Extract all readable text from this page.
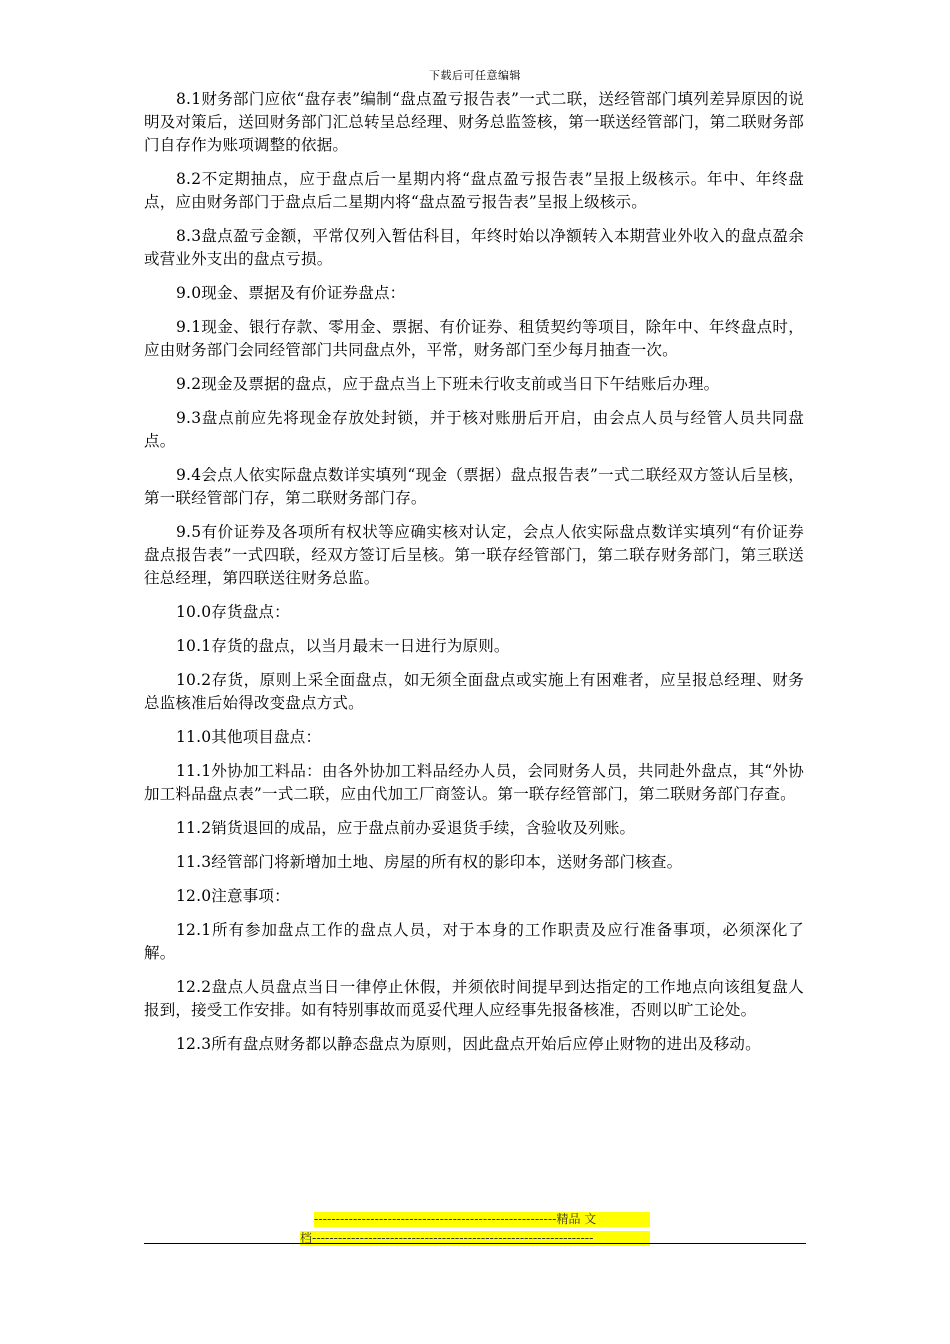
下载后可任意编辑

8.1财务部门应依“盘存表”编制“盘点盈亏报告表”一式二联，送经管部门填列差异原因的说明及对策后，送回财务部门汇总转呈总经理、财务总监签核，第一联送经管部门，第二联财务部门自存作为账项调整的依据。

8.2不定期抽点，应于盘点后一星期内将“盘点盈亏报告表”呈报上级核示。年中、年终盘点，应由财务部门于盘点后二星期内将“盘点盈亏报告表”呈报上级核示。

8.3盘点盈亏金额，平常仅列入暂估科目，年终时始以净额转入本期营业外收入的盘点盈余或营业外支出的盘点亏损。

9.0现金、票据及有价证券盘点：

9.1现金、银行存款、零用金、票据、有价证券、租赁契约等项目，除年中、年终盘点时，应由财务部门会同经管部门共同盘点外，平常，财务部门至少每月抽查一次。

9.2现金及票据的盘点，应于盘点当上下班未行收支前或当日下午结账后办理。

9.3盘点前应先将现金存放处封锁，并于核对账册后开启，由会点人员与经管人员共同盘点。

9.4会点人依实际盘点数详实填列“现金（票据）盘点报告表”一式二联经双方签认后呈核，第一联经管部门存，第二联财务部门存。

9.5有价证券及各项所有权状等应确实核对认定，会点人依实际盘点数详实填列“有价证券盘点报告表”一式四联，经双方签订后呈核。第一联存经管部门，第二联存财务部门，第三联送往总经理，第四联送往财务总监。

10.0存货盘点：

10.1存货的盘点，以当月最末一日进行为原则。

10.2存货，原则上采全面盘点，如无须全面盘点或实施上有困难者，应呈报总经理、财务总监核准后始得改变盘点方式。

11.0其他项目盘点：

11.1外协加工料品：由各外协加工料品经办人员，会同财务人员，共同赴外盘点，其“外协加工料品盘点表”一式二联，应由代加工厂商签认。第一联存经管部门，第二联财务部门存查。

11.2销货退回的成品，应于盘点前办妥退货手续，含验收及列账。

11.3经管部门将新增加土地、房屋的所有权的影印本，送财务部门核查。

12.0注意事项：

12.1所有参加盘点工作的盘点人员，对于本身的工作职责及应行准备事项，必须深化了解。

12.2盘点人员盘点当日一律停止休假，并须依时间提早到达指定的工作地点向该组复盘人报到，接受工作安排。如有特别事故而觅妥代理人应经事先报备核准，否则以旷工论处。

12.3所有盘点财务都以静态盘点为原则，因此盘点开始后应停止财物的进出及移动。

--------------------------------------------------------精品 文
档-----------------------------------------------------------------
